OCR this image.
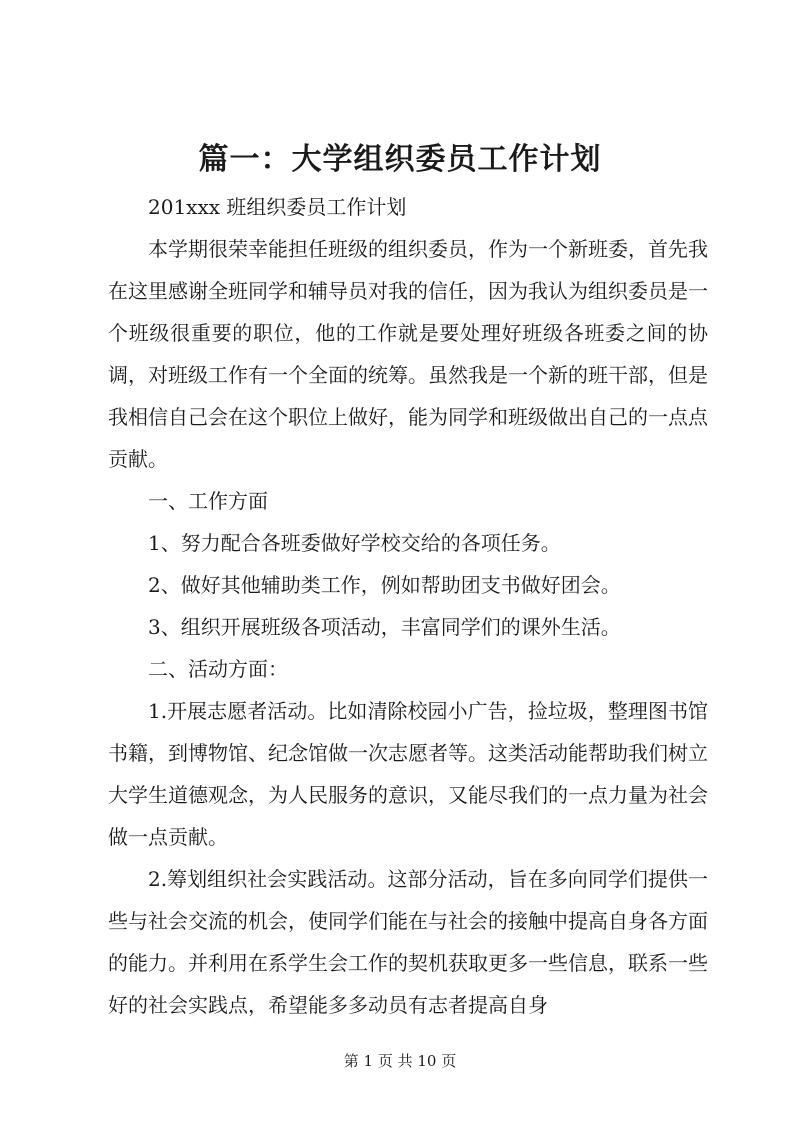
篇一：大学组织委员工作计划

201xxx 班组织委员工作计划

本学期很荣幸能担任班级的组织委员，作为一个新班委，首先我在这里感谢全班同学和辅导员对我的信任，因为我认为组织委员是一个班级很重要的职位，他的工作就是要处理好班级各班委之间的协调，对班级工作有一个全面的统筹。虽然我是一个新的班干部，但是我相信自己会在这个职位上做好，能为同学和班级做出自己的一点点贡献。

一、工作方面

1、努力配合各班委做好学校交给的各项任务。

2、做好其他辅助类工作，例如帮助团支书做好团会。

3、组织开展班级各项活动，丰富同学们的课外生活。

二、活动方面：

1.开展志愿者活动。比如清除校园小广告，捡垃圾，整理图书馆书籍，到博物馆、纪念馆做一次志愿者等。这类活动能帮助我们树立大学生道德观念，为人民服务的意识，又能尽我们的一点力量为社会做一点贡献。

2.筹划组织社会实践活动。这部分活动，旨在多向同学们提供一些与社会交流的机会，使同学们能在与社会的接触中提高自身各方面的能力。并利用在系学生会工作的契机获取更多一些信息，联系一些好的社会实践点，希望能多多动员有志者提高自身

第 1 页 共 10 页
